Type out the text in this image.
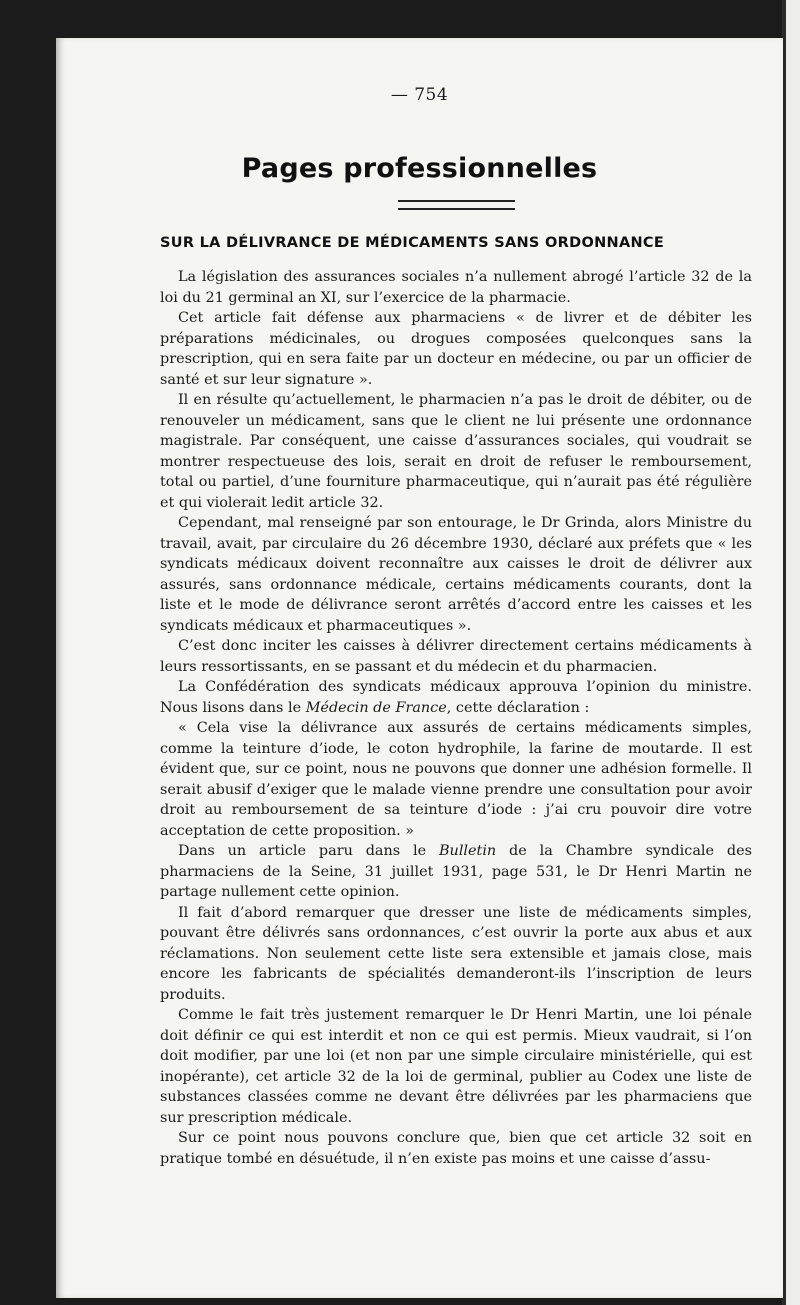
— 754
Pages professionnelles
SUR LA DÉLIVRANCE DE MÉDICAMENTS SANS ORDONNANCE

La législation des assurances sociales n’a nullement abrogé l’article 32 de la loi du 21 germinal an XI, sur l’exercice de la pharmacie.

Cet article fait défense aux pharmaciens « de livrer et de débiter les préparations médicinales, ou drogues composées quelconques sans la prescription, qui en sera faite par un docteur en médecine, ou par un officier de santé et sur leur signature ».

Il en résulte qu’actuellement, le pharmacien n’a pas le droit de débiter, ou de renouveler un médicament, sans que le client ne lui présente une ordonnance magistrale. Par conséquent, une caisse d’assurances sociales, qui voudrait se montrer respectueuse des lois, serait en droit de refuser le remboursement, total ou partiel, d’une fourniture pharmaceutique, qui n’aurait pas été régulière et qui violerait ledit article 32.

Cependant, mal renseigné par son entourage, le Dr Grinda, alors Ministre du travail, avait, par circulaire du 26 décembre 1930, déclaré aux préfets que « les syndicats médicaux doivent reconnaître aux caisses le droit de délivrer aux assurés, sans ordonnance médicale, certains médicaments courants, dont la liste et le mode de délivrance seront arrêtés d’accord entre les caisses et les syndicats médicaux et pharmaceutiques ».

C’est donc inciter les caisses à délivrer directement certains médicaments à leurs ressortissants, en se passant et du médecin et du pharmacien.

La Confédération des syndicats médicaux approuva l’opinion du ministre. Nous lisons dans le Médecin de France, cette déclaration :

« Cela vise la délivrance aux assurés de certains médicaments simples, comme la teinture d’iode, le coton hydrophile, la farine de moutarde. Il est évident que, sur ce point, nous ne pouvons que donner une adhésion formelle. Il serait abusif d’exiger que le malade vienne prendre une consultation pour avoir droit au remboursement de sa teinture d’iode : j’ai cru pouvoir dire votre acceptation de cette proposition. »

Dans un article paru dans le Bulletin de la Chambre syndicale des pharmaciens de la Seine, 31 juillet 1931, page 531, le Dr Henri Martin ne partage nullement cette opinion.

Il fait d’abord remarquer que dresser une liste de médicaments simples, pouvant être délivrés sans ordonnances, c’est ouvrir la porte aux abus et aux réclamations. Non seulement cette liste sera extensible et jamais close, mais encore les fabricants de spécialités demanderont-ils l’inscription de leurs produits.

Comme le fait très justement remarquer le Dr Henri Martin, une loi pénale doit définir ce qui est interdit et non ce qui est permis. Mieux vaudrait, si l’on doit modifier, par une loi (et non par une simple circulaire ministérielle, qui est inopérante), cet article 32 de la loi de germinal, publier au Codex une liste de substances classées comme ne devant être délivrées par les pharmaciens que sur prescription médicale.

Sur ce point nous pouvons conclure que, bien que cet article 32 soit en pratique tombé en désuétude, il n’en existe pas moins et une caisse d’assu-
